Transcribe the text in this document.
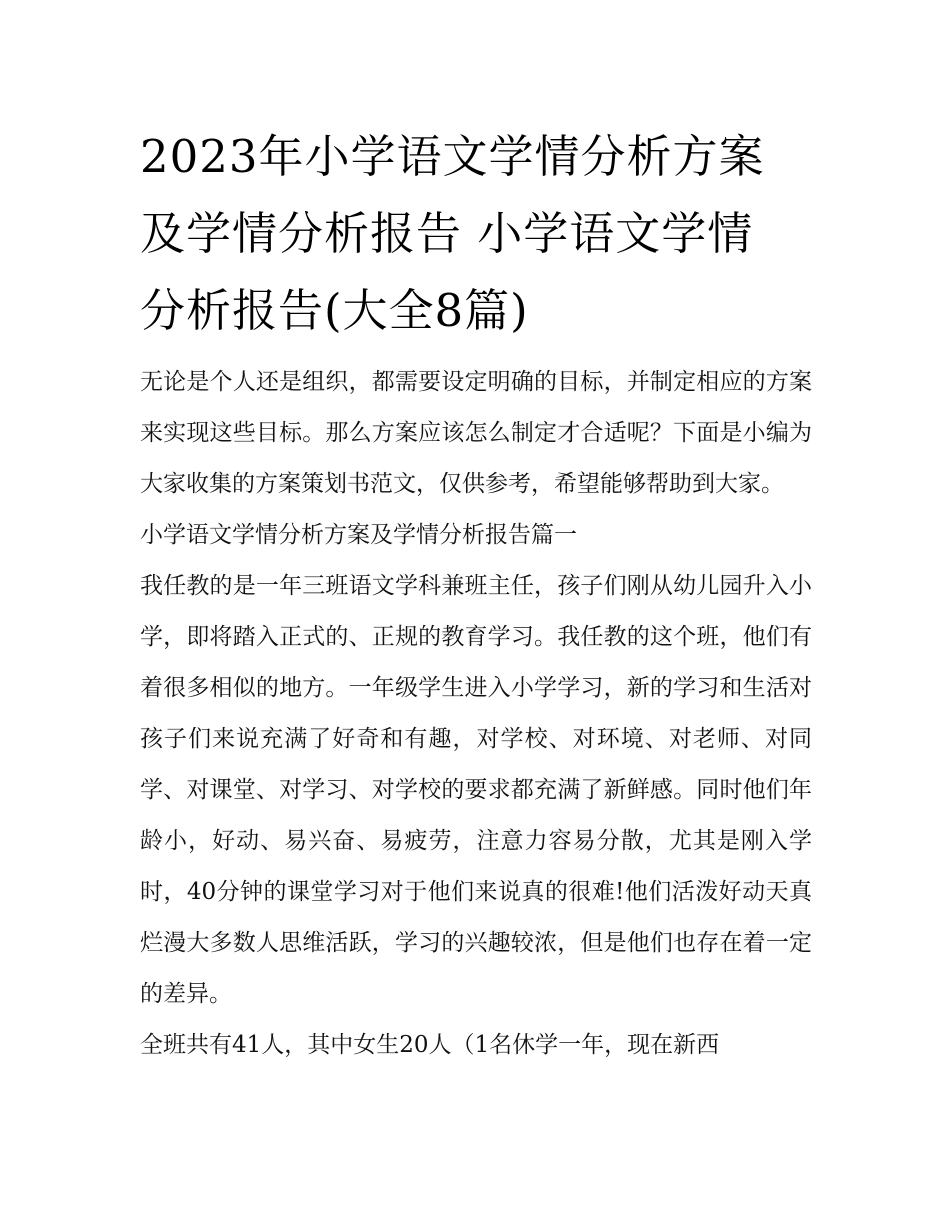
2023年小学语文学情分析方案
及学情分析报告 小学语文学情
分析报告(大全8篇)

无论是个人还是组织，都需要设定明确的目标，并制定相应的方案来实现这些目标。那么方案应该怎么制定才合适呢？下面是小编为大家收集的方案策划书范文，仅供参考，希望能够帮助到大家。

小学语文学情分析方案及学情分析报告篇一

我任教的是一年三班语文学科兼班主任，孩子们刚从幼儿园升入小学，即将踏入正式的、正规的教育学习。我任教的这个班，他们有着很多相似的地方。一年级学生进入小学学习，新的学习和生活对孩子们来说充满了好奇和有趣，对学校、对环境、对老师、对同学、对课堂、对学习、对学校的要求都充满了新鲜感。同时他们年龄小，好动、易兴奋、易疲劳，注意力容易分散，尤其是刚入学时，40分钟的课堂学习对于他们来说真的很难!他们活泼好动天真烂漫大多数人思维活跃，学习的兴趣较浓，但是他们也存在着一定的差异。

全班共有41人，其中女生20人（1名休学一年，现在新西
